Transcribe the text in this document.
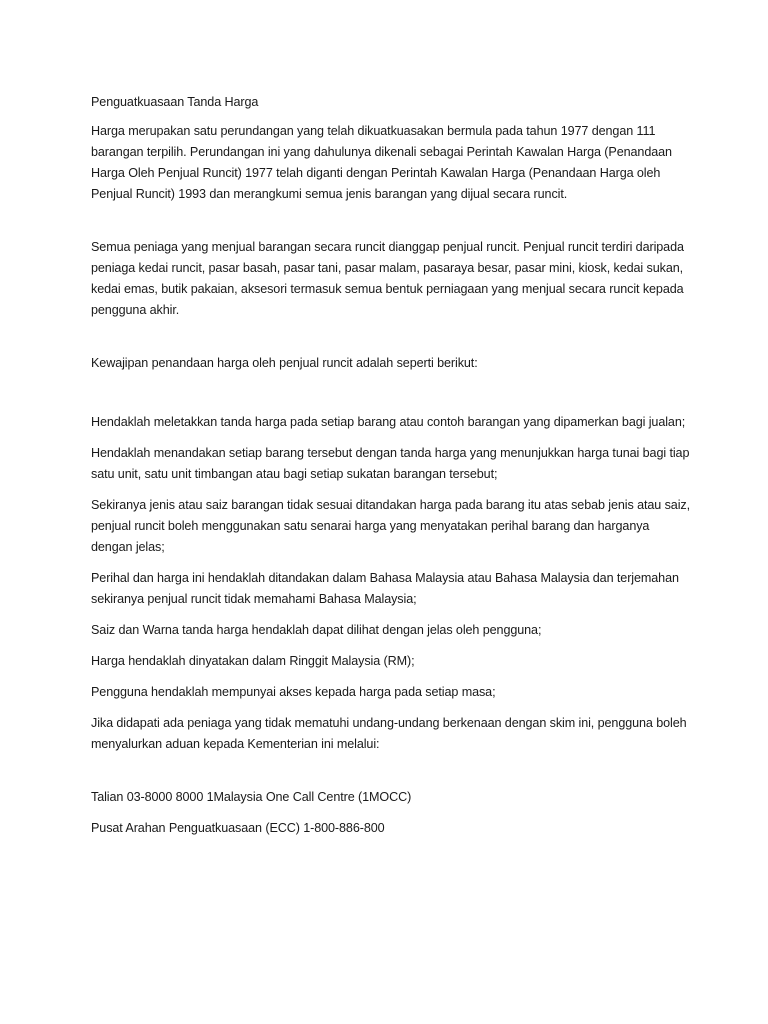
Penguatkuasaan Tanda Harga

Harga merupakan satu perundangan yang telah dikuatkuasakan bermula pada tahun 1977 dengan 111 barangan terpilih. Perundangan ini yang dahulunya dikenali sebagai Perintah Kawalan Harga (Penandaan Harga Oleh Penjual Runcit) 1977 telah diganti dengan Perintah Kawalan Harga (Penandaan Harga oleh Penjual Runcit) 1993 dan merangkumi semua jenis barangan yang dijual secara runcit.

Semua peniaga yang menjual barangan secara runcit dianggap penjual runcit. Penjual runcit terdiri daripada peniaga kedai runcit, pasar basah, pasar tani, pasar malam, pasaraya besar, pasar mini, kiosk, kedai sukan, kedai emas, butik pakaian, aksesori termasuk semua bentuk perniagaan yang menjual secara runcit kepada pengguna akhir.

Kewajipan penandaan harga oleh penjual runcit adalah seperti berikut:

Hendaklah meletakkan tanda harga pada setiap barang atau contoh barangan yang dipamerkan bagi jualan;

Hendaklah menandakan setiap barang tersebut dengan tanda harga yang menunjukkan harga tunai bagi tiap satu unit, satu unit timbangan atau bagi setiap sukatan barangan tersebut;

Sekiranya jenis atau saiz barangan tidak sesuai ditandakan harga pada barang itu atas sebab jenis atau saiz, penjual runcit boleh menggunakan satu senarai harga yang menyatakan perihal barang dan harganya dengan jelas;

Perihal dan harga ini hendaklah ditandakan dalam Bahasa Malaysia atau Bahasa Malaysia dan terjemahan sekiranya penjual runcit tidak memahami Bahasa Malaysia;

Saiz dan Warna tanda harga hendaklah dapat dilihat dengan jelas oleh pengguna;

Harga hendaklah dinyatakan dalam Ringgit Malaysia (RM);

Pengguna hendaklah mempunyai akses kepada harga pada setiap masa;

Jika didapati ada peniaga yang tidak mematuhi undang-undang berkenaan dengan skim ini, pengguna boleh menyalurkan aduan kepada Kementerian ini melalui:

Talian 03-8000 8000 1Malaysia One Call Centre (1MOCC)

Pusat Arahan Penguatkuasaan (ECC) 1-800-886-800
